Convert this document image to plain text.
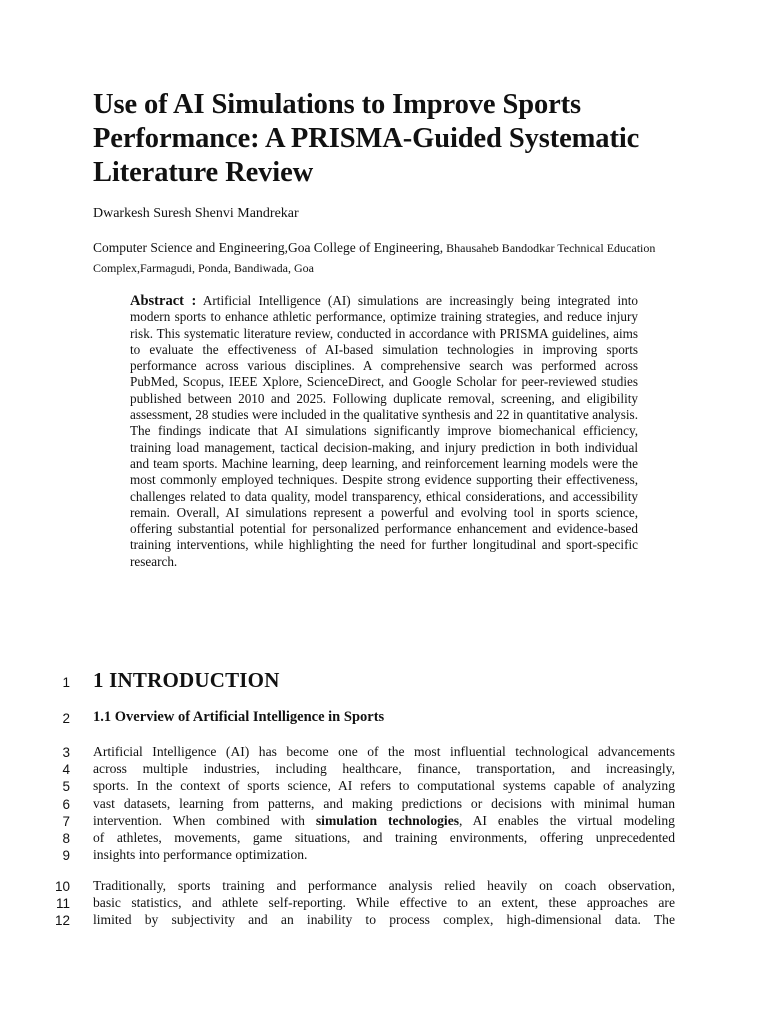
Use of AI Simulations to Improve Sports Performance: A PRISMA-Guided Systematic Literature Review
Dwarkesh Suresh Shenvi Mandrekar
Computer Science and Engineering,Goa College of Engineering, Bhausaheb Bandodkar Technical Education Complex,Farmagudi, Ponda, Bandiwada, Goa
Abstract : Artificial Intelligence (AI) simulations are increasingly being integrated into modern sports to enhance athletic performance, optimize training strategies, and reduce injury risk. This systematic literature review, conducted in accordance with PRISMA guidelines, aims to evaluate the effectiveness of AI-based simulation technologies in improving sports performance across various disciplines. A comprehensive search was performed across PubMed, Scopus, IEEE Xplore, ScienceDirect, and Google Scholar for peer-reviewed studies published between 2010 and 2025. Following duplicate removal, screening, and eligibility assessment, 28 studies were included in the qualitative synthesis and 22 in quantitative analysis. The findings indicate that AI simulations significantly improve biomechanical efficiency, training load management, tactical decision-making, and injury prediction in both individual and team sports. Machine learning, deep learning, and reinforcement learning models were the most commonly employed techniques. Despite strong evidence supporting their effectiveness, challenges related to data quality, model transparency, ethical considerations, and accessibility remain. Overall, AI simulations represent a powerful and evolving tool in sports science, offering substantial potential for personalized performance enhancement and evidence-based training interventions, while highlighting the need for further longitudinal and sport-specific research.
1 1 INTRODUCTION
2 1.1 Overview of Artificial Intelligence in Sports
3 Artificial Intelligence (AI) has become one of the most influential technological advancements
4 across multiple industries, including healthcare, finance, transportation, and increasingly,
5 sports. In the context of sports science, AI refers to computational systems capable of analyzing
6 vast datasets, learning from patterns, and making predictions or decisions with minimal human
7 intervention. When combined with simulation technologies, AI enables the virtual modeling
8 of athletes, movements, game situations, and training environments, offering unprecedented
9 insights into performance optimization.
10 Traditionally, sports training and performance analysis relied heavily on coach observation,
11 basic statistics, and athlete self-reporting. While effective to an extent, these approaches are
12 limited by subjectivity and an inability to process complex, high-dimensional data. The
